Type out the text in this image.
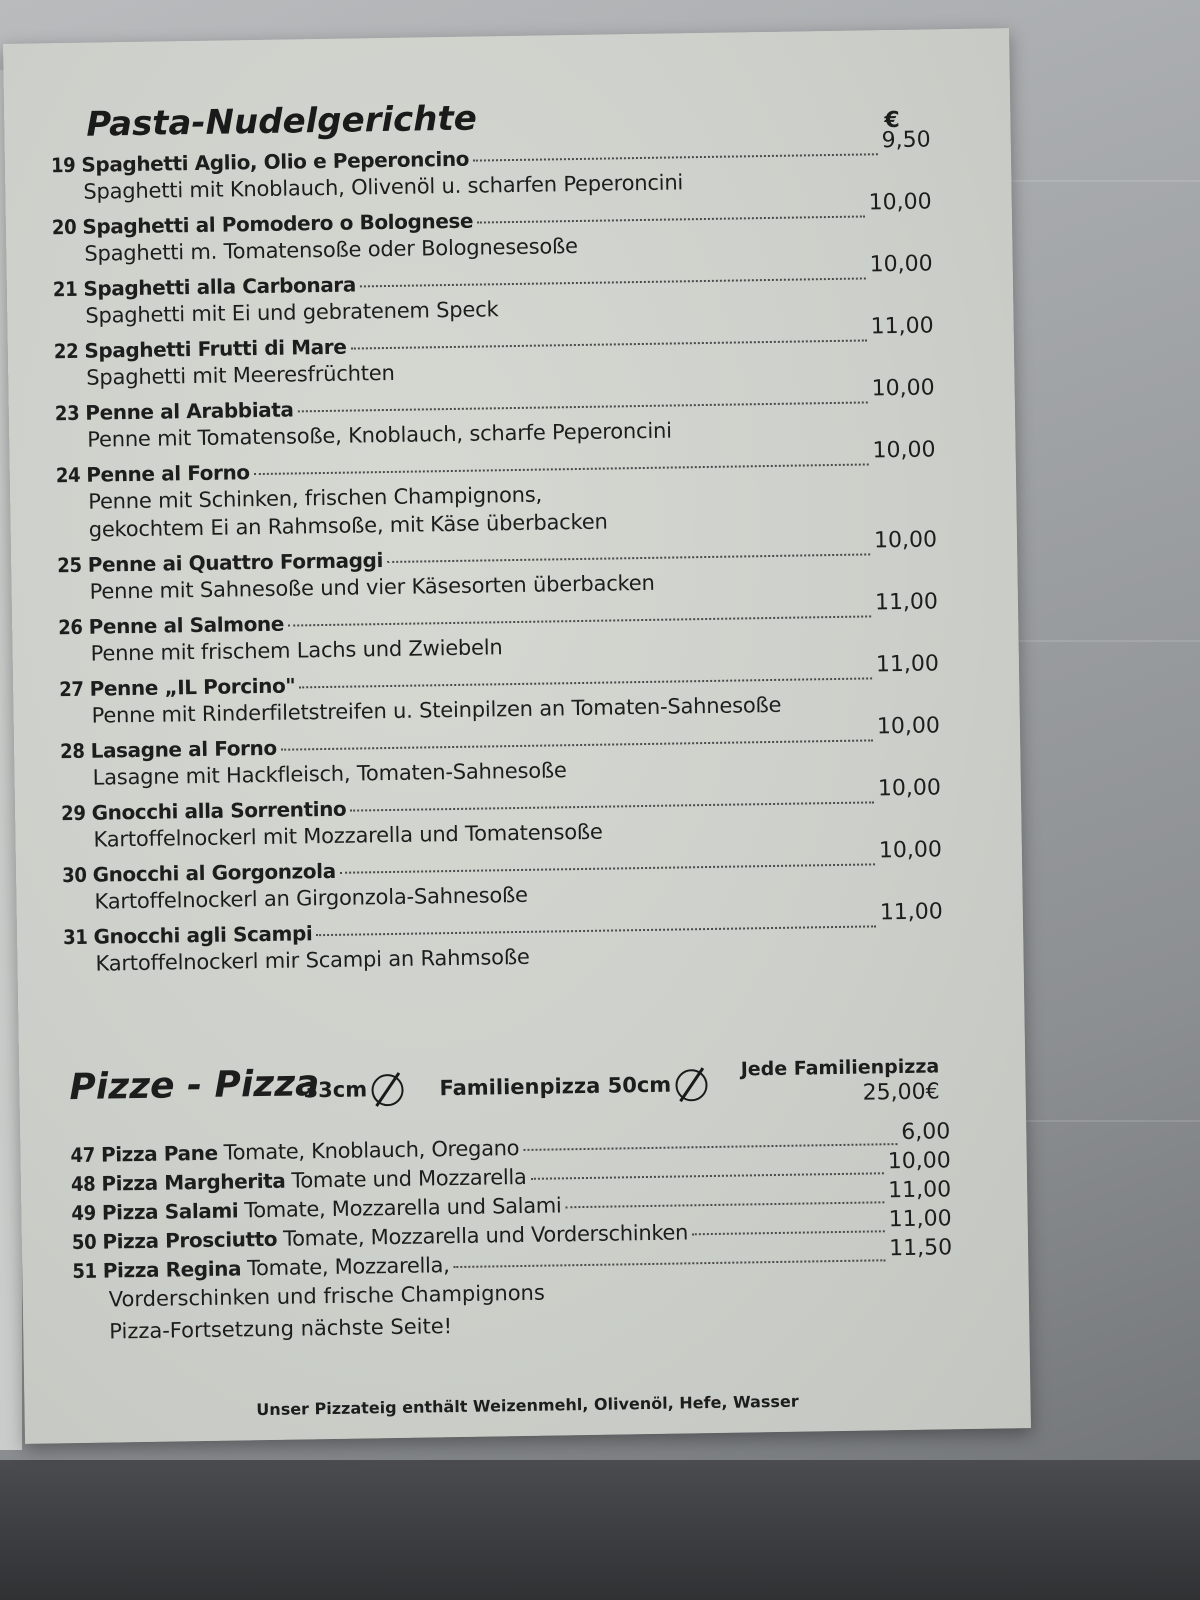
Pasta-Nudelgerichte	€
19 Spaghetti Aglio, Olio e Peperoncino
9,50
Spaghetti mit Knoblauch, Olivenöl u. scharfen Peperoncini
20 Spaghetti al Pomodero o Bolognese
10,00
Spaghetti m. Tomatensoße oder Bolognesesoße
21 Spaghetti alla Carbonara
10,00
Spaghetti mit Ei und gebratenem Speck
22 Spaghetti Frutti di Mare
11,00
Spaghetti mit Meeresfrüchten
23 Penne al Arabbiata
10,00
Penne mit Tomatensoße, Knoblauch, scharfe Peperoncini
24 Penne al Forno
10,00
Penne mit Schinken, frischen Champignons,
gekochtem Ei an Rahmsoße, mit Käse überbacken
25 Penne ai Quattro Formaggi
10,00
Penne mit Sahnesoße und vier Käsesorten überbacken
26 Penne al Salmone
11,00
Penne mit frischem Lachs und Zwiebeln
27 Penne „IL Porcino"
11,00
Penne mit Rinderfiletstreifen u. Steinpilzen an Tomaten-Sahnesoße
28 Lasagne al Forno
10,00
Lasagne mit Hackfleisch, Tomaten-Sahnesoße
29 Gnocchi alla Sorrentino
10,00
Kartoffelnockerl mit Mozzarella und Tomatensoße
30 Gnocchi al Gorgonzola
10,00
Kartoffelnockerl an Girgonzola-Sahnesoße
31 Gnocchi agli Scampi
11,00
Kartoffelnockerl mir Scampi an Rahmsoße
Pizze - Pizza
33cm	Familienpizza 50cm
Jede Familienpizza
25,00€
47 Pizza Pane Tomate, Knoblauch, Oregano
6,00
48 Pizza Margherita Tomate und Mozzarella
10,00
49 Pizza Salami Tomate, Mozzarella und Salami
11,00
50 Pizza Prosciutto Tomate, Mozzarella und Vorderschinken
11,00
51 Pizza Regina Tomate, Mozzarella,
11,50
Vorderschinken und frische Champignons
Pizza-Fortsetzung nächste Seite!
Unser Pizzateig enthält Weizenmehl, Olivenöl, Hefe, Wasser
